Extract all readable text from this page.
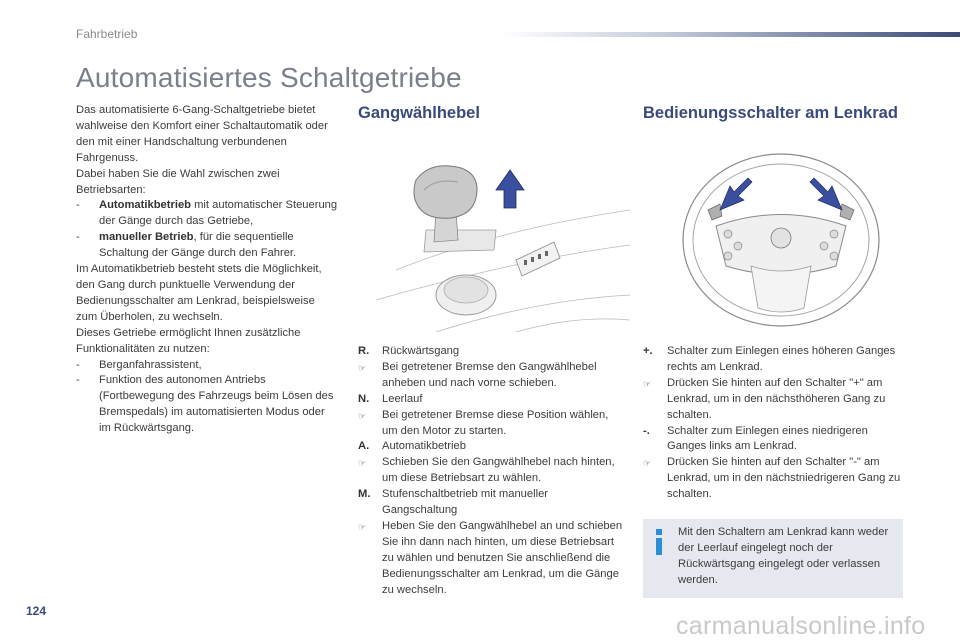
Fahrbetrieb
Automatisiertes Schaltgetriebe

Das automatisierte 6-Gang-Schaltgetriebe bietet wahlweise den Komfort einer Schaltautomatik oder den mit einer Handschaltung verbundenen Fahrgenuss.

Dabei haben Sie die Wahl zwischen zwei Betriebsarten:

-	Automatikbetrieb mit automatischer Steuerung der Gänge durch das Getriebe,
-	manueller Betrieb, für die sequentielle Schaltung der Gänge durch den Fahrer.

Im Automatikbetrieb besteht stets die Möglichkeit, den Gang durch punktuelle Verwendung der Bedienungsschalter am Lenkrad, beispielsweise zum Überholen, zu wechseln.

Dieses Getriebe ermöglicht Ihnen zusätzliche Funktionalitäten zu nutzen:

-	Berganfahrassistent,
-	Funktion des autonomen Antriebs (Fortbewegung des Fahrzeugs beim Lösen des Bremspedals) im automatisierten Modus oder im Rückwärtsgang.
Gangwählhebel
R.	Rückwärtsgang
☞	Bei getretener Bremse den Gangwählhebel anheben und nach vorne schieben.
N.	Leerlauf
☞	Bei getretener Bremse diese Position wählen, um den Motor zu starten.
A.	Automatikbetrieb
☞	Schieben Sie den Gangwählhebel nach hinten, um diese Betriebsart zu wählen.
M.	Stufenschaltbetrieb mit manueller Gangschaltung
☞	Heben Sie den Gangwählhebel an und schieben Sie ihn dann nach hinten, um diese Betriebsart zu wählen und benutzen Sie anschließend die Bedienungsschalter am Lenkrad, um die Gänge zu wechseln.
Bedienungsschalter am Lenkrad
+.	Schalter zum Einlegen eines höheren Ganges rechts am Lenkrad.
☞	Drücken Sie hinten auf den Schalter "+" am Lenkrad, um in den nächsthöheren Gang zu schalten.
-.	Schalter zum Einlegen eines niedrigeren Ganges links am Lenkrad.
☞	Drücken Sie hinten auf den Schalter "-" am Lenkrad, um in den nächstniedrigeren Gang zu schalten.
Mit den Schaltern am Lenkrad kann weder der Leerlauf eingelegt noch der Rückwärtsgang eingelegt oder verlassen werden.
124
carmanualsonline.info
